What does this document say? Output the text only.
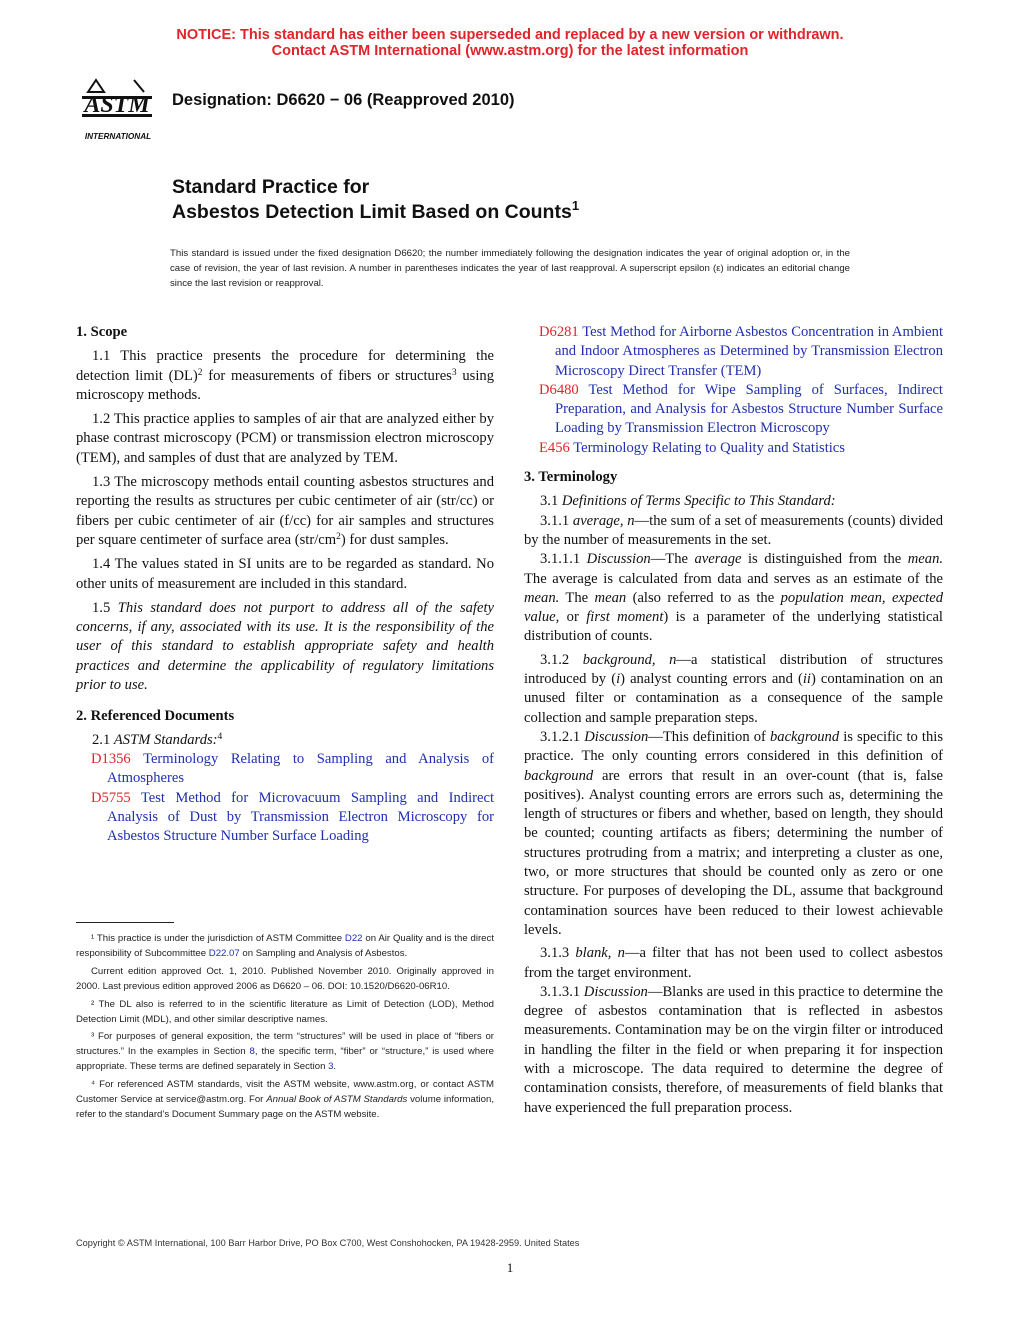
NOTICE: This standard has either been superseded and replaced by a new version or withdrawn.
Contact ASTM International (www.astm.org) for the latest information
ASTM
INTERNATIONAL
Designation: D6620 − 06 (Reapproved 2010)
Standard Practice for
Asbestos Detection Limit Based on Counts$^1$
This standard is issued under the fixed designation D6620; the number immediately following the designation indicates the year of original adoption or, in the case of revision, the year of last revision. A number in parentheses indicates the year of last reapproval. A superscript epsilon (ε) indicates an editorial change since the last revision or reapproval.
1. Scope

1.1 This practice presents the procedure for determining the detection limit (DL)$^2$ for measurements of fibers or structures$^3$ using microscopy methods.

1.2 This practice applies to samples of air that are analyzed either by phase contrast microscopy (PCM) or transmission electron microscopy (TEM), and samples of dust that are analyzed by TEM.

1.3 The microscopy methods entail counting asbestos structures and reporting the results as structures per cubic centimeter of air (str/cc) or fibers per cubic centimeter of air (f/cc) for air samples and structures per square centimeter of surface area $(str/cm^2)$ for dust samples.

1.4 The values stated in SI units are to be regarded as standard. No other units of measurement are included in this standard.

1.5 This standard does not purport to address all of the safety concerns, if any, associated with its use. It is the responsibility of the user of this standard to establish appropriate safety and health practices and determine the applicability of regulatory limitations prior to use.

2. Referenced Documents

2.1 ASTM Standards:$^4$

D1356 Terminology Relating to Sampling and Analysis of Atmospheres
D5755 Test Method for Microvacuum Sampling and Indirect Analysis of Dust by Transmission Electron Microscopy for Asbestos Structure Number Surface Loading
D6281 Test Method for Airborne Asbestos Concentration in Ambient and Indoor Atmospheres as Determined by Transmission Electron Microscopy Direct Transfer (TEM)
D6480 Test Method for Wipe Sampling of Surfaces, Indirect Preparation, and Analysis for Asbestos Structure Number Surface Loading by Transmission Electron Microscopy
E456 Terminology Relating to Quality and Statistics
3. Terminology

3.1 Definitions of Terms Specific to This Standard:

3.1.1 average, n—the sum of a set of measurements (counts) divided by the number of measurements in the set.

3.1.1.1 Discussion—The average is distinguished from the mean. The average is calculated from data and serves as an estimate of the mean. The mean (also referred to as the population mean, expected value, or first moment) is a parameter of the underlying statistical distribution of counts.

3.1.2 background, n—a statistical distribution of structures introduced by (i) analyst counting errors and (ii) contamination on an unused filter or contamination as a consequence of the sample collection and sample preparation steps.

3.1.2.1 Discussion—This definition of background is specific to this practice. The only counting errors considered in this definition of background are errors that result in an over-count (that is, false positives). Analyst counting errors are errors such as, determining the length of structures or fibers and whether, based on length, they should be counted; counting artifacts as fibers; determining the number of structures protruding from a matrix; and interpreting a cluster as one, two, or more structures that should be counted only as zero or one structure. For purposes of developing the DL, assume that background contamination sources have been reduced to their lowest achievable levels.

3.1.3 blank, n—a filter that has not been used to collect asbestos from the target environment.

3.1.3.1 Discussion—Blanks are used in this practice to determine the degree of asbestos contamination that is reflected in asbestos measurements. Contamination may be on the virgin filter or introduced in handling the filter in the field or when preparing it for inspection with a microscope. The data required to determine the degree of contamination consists, therefore, of measurements of field blanks that have experienced the full preparation process.

¹ This practice is under the jurisdiction of ASTM Committee D22 on Air Quality and is the direct responsibility of Subcommittee D22.07 on Sampling and Analysis of Asbestos.

Current edition approved Oct. 1, 2010. Published November 2010. Originally approved in 2000. Last previous edition approved 2006 as D6620 – 06. DOI: 10.1520/D6620-06R10.

² The DL also is referred to in the scientific literature as Limit of Detection (LOD), Method Detection Limit (MDL), and other similar descriptive names.

³ For purposes of general exposition, the term “structures” will be used in place of “fibers or structures.” In the examples in Section 8, the specific term, “fiber” or “structure,” is used where appropriate. These terms are defined separately in Section 3.

⁴ For referenced ASTM standards, visit the ASTM website, www.astm.org, or contact ASTM Customer Service at service@astm.org. For Annual Book of ASTM Standards volume information, refer to the standard’s Document Summary page on the ASTM website.

Copyright © ASTM International, 100 Barr Harbor Drive, PO Box C700, West Conshohocken, PA 19428-2959. United States
1
